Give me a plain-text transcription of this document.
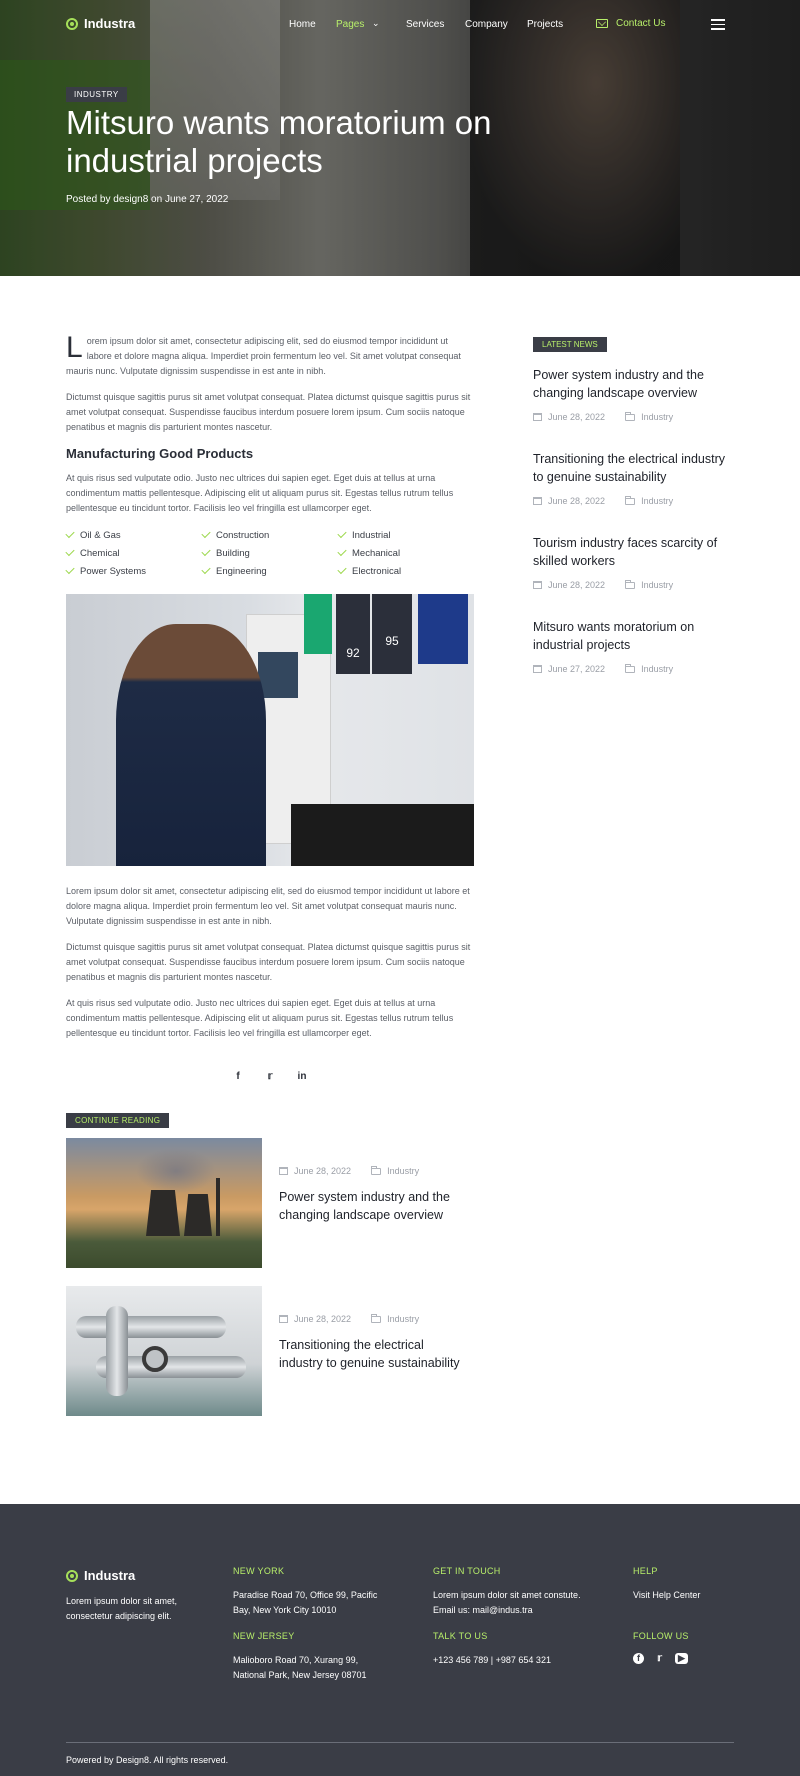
Industra	Home Pages ⌄	Services Company Projects	Contact Us
INDUSTRY
Mitsuro wants moratorium on industrial projects
Posted by design8 on June 27, 2022

Lorem ipsum dolor sit amet, consectetur adipiscing elit, sed do eiusmod tempor incididunt ut labore et dolore magna aliqua. Imperdiet proin fermentum leo vel. Sit amet volutpat consequat mauris nunc. Vulputate dignissim suspendisse in est ante in nibh.

Dictumst quisque sagittis purus sit amet volutpat consequat. Platea dictumst quisque sagittis purus sit amet volutpat consequat. Suspendisse faucibus interdum posuere lorem ipsum. Cum sociis natoque penatibus et magnis dis parturient montes nascetur.

Manufacturing Good Products

At quis risus sed vulputate odio. Justo nec ultrices dui sapien eget. Eget duis at tellus at urna condimentum mattis pellentesque. Adipiscing elit ut aliquam purus sit. Egestas tellus rutrum tellus pellentesque eu tincidunt tortor. Facilisis leo vel fringilla est ullamcorper eget.

Oil & Gas	Construction	Industrial
Chemical	Building	Mechanical
Power Systems	Engineering	Electronical
92
95

Lorem ipsum dolor sit amet, consectetur adipiscing elit, sed do eiusmod tempor incididunt ut labore et dolore magna aliqua. Imperdiet proin fermentum leo vel. Sit amet volutpat consequat mauris nunc. Vulputate dignissim suspendisse in est ante in nibh.

Dictumst quisque sagittis purus sit amet volutpat consequat. Platea dictumst quisque sagittis purus sit amet volutpat consequat. Suspendisse faucibus interdum posuere lorem ipsum. Cum sociis natoque penatibus et magnis dis parturient montes nascetur.

At quis risus sed vulputate odio. Justo nec ultrices dui sapien eget. Eget duis at tellus at urna condimentum mattis pellentesque. Adipiscing elit ut aliquam purus sit. Egestas tellus rutrum tellus pellentesque eu tincidunt tortor. Facilisis leo vel fringilla est ullamcorper eget.

f	𝕣	in
CONTINUE READING
June 28, 2022	Industry
Power system industry and the changing landscape overview
June 28, 2022	Industry
Transitioning the electrical industry to genuine sustainability
LATEST NEWS
Power system industry and the changing landscape overview
June 28, 2022	Industry
Transitioning the electrical industry to genuine sustainability
June 28, 2022	Industry
Tourism industry faces scarcity of skilled workers
June 28, 2022	Industry
Mitsuro wants moratorium on industrial projects
June 27, 2022	Industry
Industra
Lorem ipsum dolor sit amet, consectetur adipiscing elit.
NEW YORK
Paradise Road 70, Office 99, Pacific Bay, New York City 10010
NEW JERSEY
Malioboro Road 70, Xurang 99, National Park, New Jersey 08701
GET IN TOUCH
Lorem ipsum dolor sit amet constute.
Email us: mail@indus.tra
TALK TO US
+123 456 789 | +987 654 321
HELP
Visit Help Center
FOLLOW US
f	𝕣	▶
Powered by Design8. All rights reserved.
